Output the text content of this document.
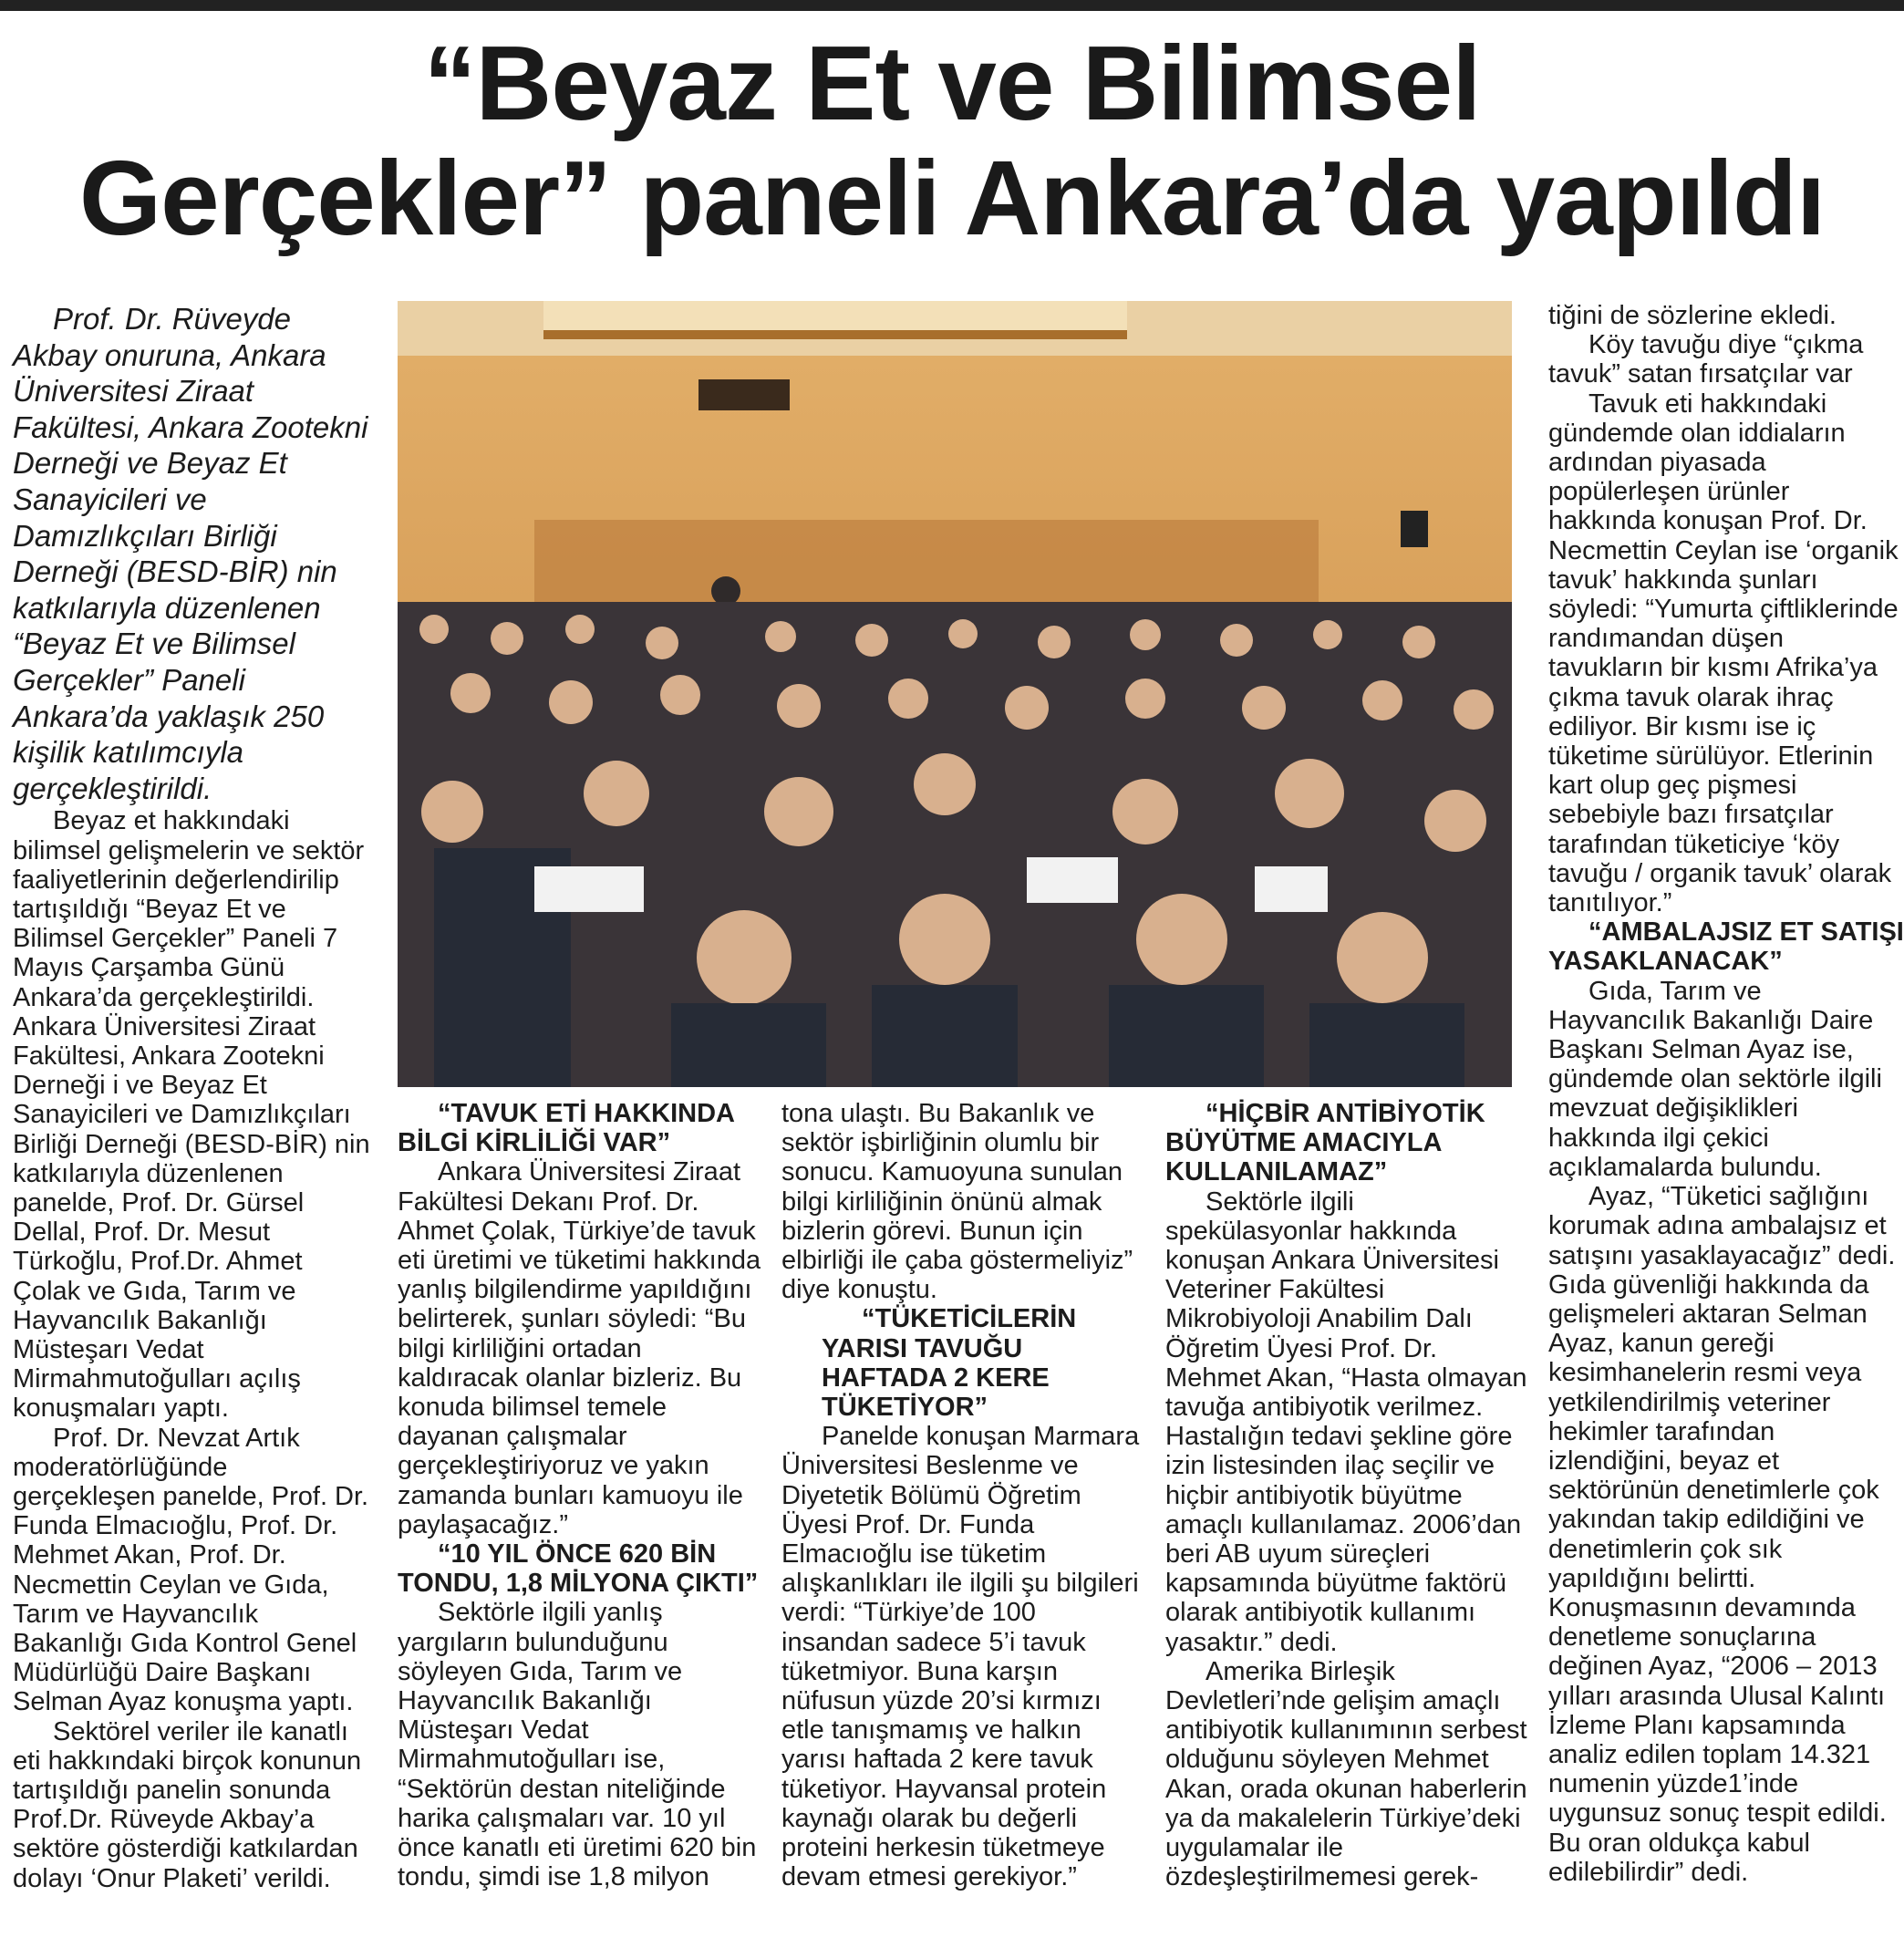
“Beyaz Et ve Bilimsel
Gerçekler” paneli Ankara’da yapıldı

Prof. Dr. Rüveyde Akbay onuruna, Ankara Üniversitesi Ziraat Fakültesi, Ankara Zootekni Derneği ve Beyaz Et Sanayicileri ve Damızlıkçıları Birliği Derneği (BESD-BİR) nin katkılarıyla düzenlenen “Beyaz Et ve Bilimsel Gerçekler” Paneli Ankara’da yaklaşık 250 kişilik katılımcıyla gerçekleştirildi.

Beyaz et hakkındaki bilimsel gelişmelerin ve sektör faaliyetlerinin değerlendirilip tartışıldığı “Beyaz Et ve Bilimsel Gerçekler” Paneli 7 Mayıs Çarşamba Günü Ankara’da gerçekleştirildi. Ankara Üniversitesi Ziraat Fakültesi, Ankara Zootekni Derneği i ve Beyaz Et Sanayicileri ve Damızlıkçıları Birliği Derneği (BESD-BİR) nin katkılarıyla düzenlenen panelde, Prof. Dr. Gürsel Dellal, Prof. Dr. Mesut Türkoğlu, Prof.Dr. Ahmet Çolak ve Gıda, Tarım ve Hayvancılık Bakanlığı Müsteşarı Vedat Mirmahmutoğulları açılış konuşmaları yaptı.

Prof. Dr. Nevzat Artık moderatörlüğünde gerçekleşen panelde, Prof. Dr. Funda Elmacıoğlu, Prof. Dr. Mehmet Akan, Prof. Dr. Necmettin Ceylan ve Gıda, Tarım ve Hayvancılık Bakanlığı Gıda Kontrol Genel Müdürlüğü Daire Başkanı Selman Ayaz konuşma yaptı.

Sektörel veriler ile kanatlı eti hakkındaki birçok konunun tartışıldığı panelin sonunda Prof.Dr. Rüveyde Akbay’a sektöre gösterdiği katkılardan dolayı ‘Onur Plaketi’ verildi.

“TAVUK ETİ HAKKINDA BİLGİ KİRLİLİĞİ VAR”

Ankara Üniversitesi Ziraat Fakültesi Dekanı Prof. Dr. Ahmet Çolak, Türkiye’de tavuk eti üretimi ve tüketimi hakkında yanlış bilgilendirme yapıldığını belirterek, şunları söyledi: “Bu bilgi kirliliğini ortadan kaldıracak olanlar bizleriz. Bu konuda bilimsel temele dayanan çalışmalar gerçekleştiriyoruz ve yakın zamanda bunları kamuoyu ile paylaşacağız.”

“10 YIL ÖNCE 620 BİN TONDU, 1,8 MİLYONA ÇIKTI”

Sektörle ilgili yanlış yargıların bulunduğunu söyleyen Gıda, Tarım ve Hayvancılık Bakanlığı Müsteşarı Vedat Mirmahmutoğulları ise, “Sektörün destan niteliğinde harika çalışmaları var. 10 yıl önce kanatlı eti üretimi 620 bin tondu, şimdi ise 1,8 milyon

tona ulaştı. Bu Bakanlık ve sektör işbirliğinin olumlu bir sonucu. Kamuoyuna sunulan bilgi kirliliğinin önünü almak bizlerin görevi. Bunun için elbirliği ile çaba göstermeliyiz” diye konuştu.

“TÜKETİCİLERİN YARISI TAVUĞU HAFTADA 2 KERE TÜKETİYOR”

Panelde konuşan Marmara Üniversitesi Beslenme ve Diyetetik Bölümü Öğretim Üyesi Prof. Dr. Funda Elmacıoğlu ise tüketim alışkanlıkları ile ilgili şu bilgileri verdi: “Türkiye’de 100 insandan sadece 5’i tavuk tüketmiyor. Buna karşın nüfusun yüzde 20’si kırmızı etle tanışmamış ve halkın yarısı haftada 2 kere tavuk tüketiyor. Hayvansal protein kaynağı olarak bu değerli proteini herkesin tüketmeye devam etmesi gerekiyor.”

“HİÇBİR ANTİBİYOTİK BÜYÜTME AMACIYLA KULLANILAMAZ”

Sektörle ilgili spekülasyonlar hakkında konuşan Ankara Üniversitesi Veteriner Fakültesi Mikrobiyoloji Anabilim Dalı Öğretim Üyesi Prof. Dr. Mehmet Akan, “Hasta olmayan tavuğa antibiyotik verilmez. Hastalığın tedavi şekline göre izin listesinden ilaç seçilir ve hiçbir antibiyotik büyütme amaçlı kullanılamaz. 2006’dan beri AB uyum süreçleri kapsamında büyütme faktörü olarak antibiyotik kullanımı yasaktır.” dedi.

Amerika Birleşik Devletleri’nde gelişim amaçlı antibiyotik kullanımının serbest olduğunu söyleyen Mehmet Akan, orada okunan haberlerin ya da makalelerin Türkiye’deki uygulamalar ile özdeşleştirilmemesi gerek-

tiğini de sözlerine ekledi.

Köy tavuğu diye “çıkma tavuk” satan fırsatçılar var

Tavuk eti hakkındaki gündemde olan iddiaların ardından piyasada popülerleşen ürünler hakkında konuşan Prof. Dr. Necmettin Ceylan ise ‘organik tavuk’ hakkında şunları söyledi: “Yumurta çiftliklerinde randımandan düşen tavukların bir kısmı Afrika’ya çıkma tavuk olarak ihraç ediliyor. Bir kısmı ise iç tüketime sürülüyor. Etlerinin kart olup geç pişmesi sebebiyle bazı fırsatçılar tarafından tüketiciye ‘köy tavuğu / organik tavuk’ olarak tanıtılıyor.”

“AMBALAJSIZ ET SATIŞI YASAKLANACAK”

Gıda, Tarım ve Hayvancılık Bakanlığı Daire Başkanı Selman Ayaz ise, gündemde olan sektörle ilgili mevzuat değişiklikleri hakkında ilgi çekici açıklamalarda bulundu.

Ayaz, “Tüketici sağlığını korumak adına ambalajsız et satışını yasaklayacağız” dedi. Gıda güvenliği hakkında da gelişmeleri aktaran Selman Ayaz, kanun gereği kesimhanelerin resmi veya yetkilendirilmiş veteriner hekimler tarafından izlendiğini, beyaz et sektörünün denetimlerle çok yakından takip edildiğini ve denetimlerin çok sık yapıldığını belirtti. Konuşmasının devamında denetleme sonuçlarına değinen Ayaz, “2006 – 2013 yılları arasında Ulusal Kalıntı İzleme Planı kapsamında analiz edilen toplam 14.321 numenin yüzde1’inde uygunsuz sonuç tespit edildi. Bu oran oldukça kabul edilebilirdir” dedi.
